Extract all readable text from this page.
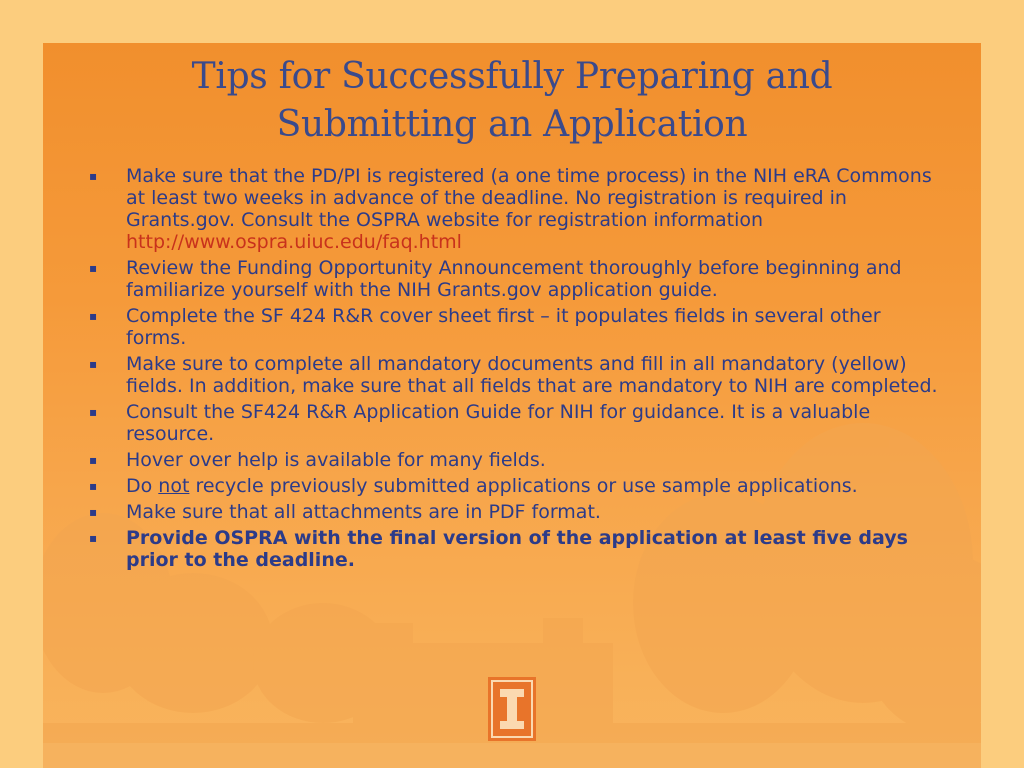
Tips for Successfully Preparing and
Submitting an Application
▪ Make sure that the PD/PI is registered (a one time process) in the NIH eRA Commons at least two weeks in advance of the deadline. No registration is required in Grants.gov. Consult the OSPRA website for registration information http://www.ospra.uiuc.edu/faq.html
▪ Review the Funding Opportunity Announcement thoroughly before beginning and familiarize yourself with the NIH Grants.gov application guide.
▪ Complete the SF 424 R&R cover sheet first – it populates fields in several other forms.
▪ Make sure to complete all mandatory documents and fill in all mandatory (yellow) fields. In addition, make sure that all fields that are mandatory to NIH are completed.
▪ Consult the SF424 R&R Application Guide for NIH for guidance. It is a valuable resource.
▪ Hover over help is available for many fields.
▪ Do not recycle previously submitted applications or use sample applications.
▪ Make sure that all attachments are in PDF format.
▪ Provide OSPRA with the final version of the application at least five days prior to the deadline.
